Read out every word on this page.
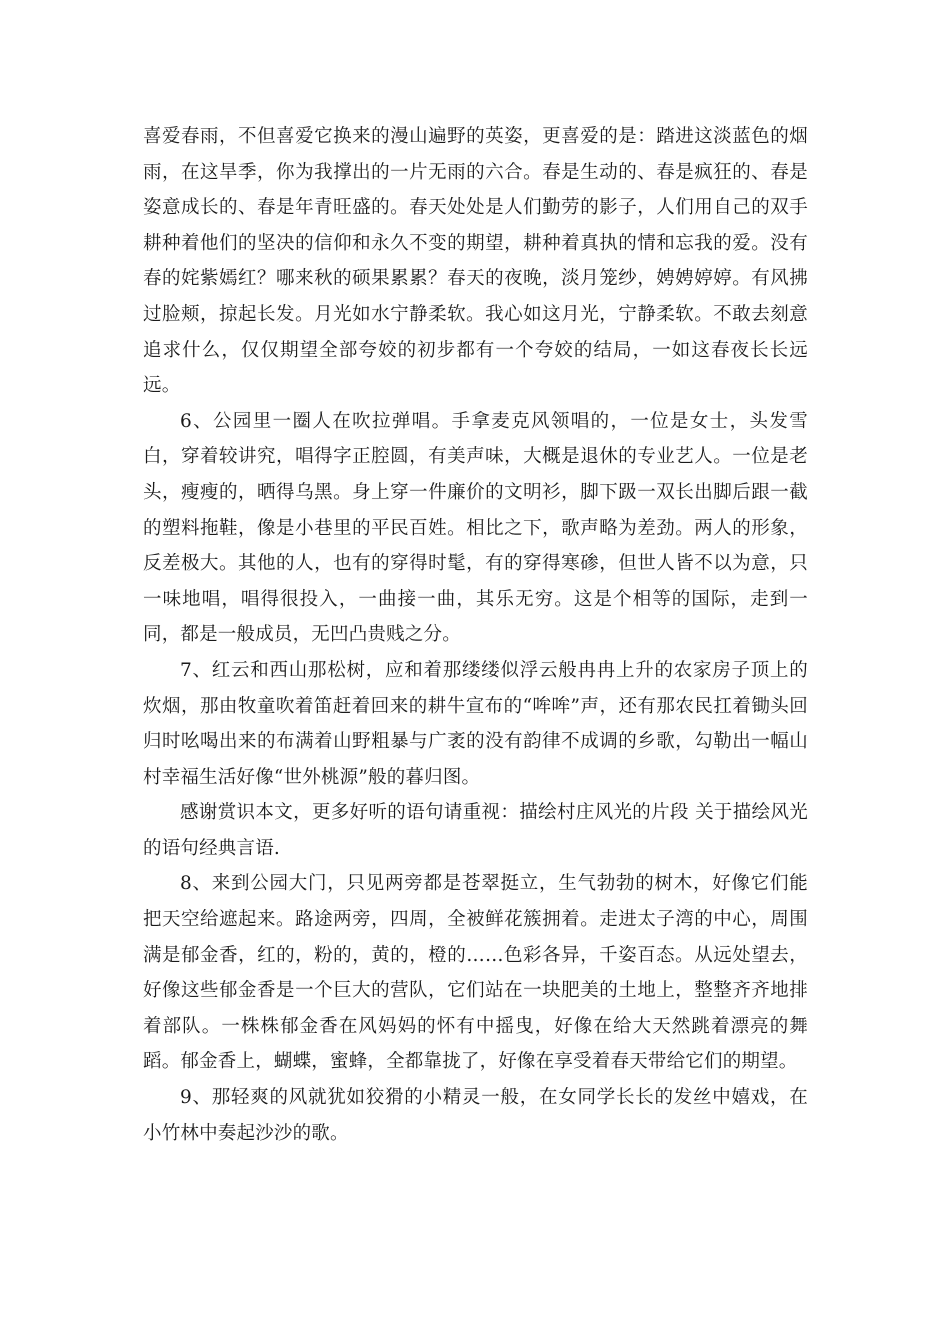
喜爱春雨，不但喜爱它换来的漫山遍野的英姿，更喜爱的是：踏进这淡蓝色的烟雨，在这旱季，你为我撑出的一片无雨的六合。春是生动的、春是疯狂的、春是姿意成长的、春是年青旺盛的。春天处处是人们勤劳的影子，人们用自己的双手耕种着他们的坚决的信仰和永久不变的期望，耕种着真执的情和忘我的爱。没有春的姹紫嫣红？哪来秋的硕果累累？春天的夜晚，淡月笼纱，娉娉婷婷。有风拂过脸颊，掠起长发。月光如水宁静柔软。我心如这月光，宁静柔软。不敢去刻意追求什么，仅仅期望全部夸姣的初步都有一个夸姣的结局，一如这春夜长长远远。

6、公园里一圈人在吹拉弹唱。手拿麦克风领唱的，一位是女士，头发雪白，穿着较讲究，唱得字正腔圆，有美声味，大概是退休的专业艺人。一位是老头，瘦瘦的，晒得乌黑。身上穿一件廉价的文明衫，脚下趿一双长出脚后跟一截的塑料拖鞋，像是小巷里的平民百姓。相比之下，歌声略为差劲。两人的形象，反差极大。其他的人，也有的穿得时髦，有的穿得寒碜，但世人皆不以为意，只一味地唱，唱得很投入，一曲接一曲，其乐无穷。这是个相等的国际，走到一同，都是一般成员，无凹凸贵贱之分。

7、红云和西山那松树，应和着那缕缕似浮云般冉冉上升的农家房子顶上的炊烟，那由牧童吹着笛赶着回来的耕牛宣布的“哞哞”声，还有那农民扛着锄头回归时吆喝出来的布满着山野粗暴与广袤的没有韵律不成调的乡歌，勾勒出一幅山村幸福生活好像“世外桃源”般的暮归图。

感谢赏识本文，更多好听的语句请重视：描绘村庄风光的片段 关于描绘风光的语句经典言语.

8、来到公园大门，只见两旁都是苍翠挺立，生气勃勃的树木，好像它们能把天空给遮起来。路途两旁，四周，全被鲜花簇拥着。走进太子湾的中心，周围满是郁金香，红的，粉的，黄的，橙的……色彩各异，千姿百态。从远处望去，好像这些郁金香是一个巨大的营队，它们站在一块肥美的土地上，整整齐齐地排着部队。一株株郁金香在风妈妈的怀有中摇曳，好像在给大天然跳着漂亮的舞蹈。郁金香上，蝴蝶，蜜蜂，全都靠拢了，好像在享受着春天带给它们的期望。

9、那轻爽的风就犹如狡猾的小精灵一般，在女同学长长的发丝中嬉戏，在小竹林中奏起沙沙的歌。
